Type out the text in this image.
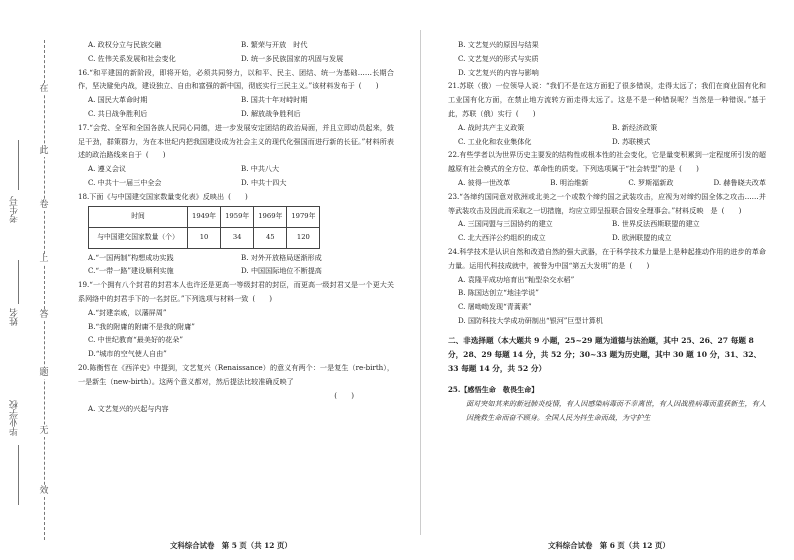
在
此
卷
上
答
题
无
效
考生号
姓名
毕业学校
A. 政权分立与民族交融	B. 繁荣与开放　时代
C. 佐伟关系发展和社会变化	D. 统一多民族国家的巩固与发展

16.“和平建国的新阶段，即将开始，必须共同努力，以和平、民主、团结、统一为基础……长期合作，坚决避免内战，建设独立、自由和富强的新中国，彻底实行三民主义。”该材料发布于 (　　)

A. 国民大革命时期	B. 国共十年对峙时期
C. 共日战争胜利后	D. 解放战争胜利后

17.“会党、全军和全国各族人民同心同德，进一步发展安定团结的政治局面，并且立即动员起来，鼓足干劲，群策群力，为在本世纪内把我国建设成为社会主义的现代化强国而进行新的长征。”材料所表述的政治路线来自于 (　　)

A. 遵义会议	B. 中共八大
C. 中共十一届三中全会	D. 中共十四大

18.下面《与中国建交国家数量变化表》反映出 (　　)

时间	1949年	1959年	1969年	1979年
与中国建交国家数量（个）	10	34	45	120
A.“一国两制”构想成功实践	B. 对外开放格局逐渐形成
C.“一带一路”建设顺利实施	D. 中国国际地位不断提高

19.“一个拥有八个封君的封君本人也许还是更高一等级封君的封臣，而更高一级封君又是一个更大关系网络中的封君手下的一名封臣。”下列选项与材料一致 (　　)

A.“封建亲戚，以藩屏周”

B.“我的附庸的附庸不是我的附庸”

C. 中世纪教育“最美好的花朵”

D.“城市的空气使人自由”

20.陈衡哲在《西洋史》中提到，文艺复兴（Renaissance）的意义有两个：一是复生（re-birth），一是新生（new-birth）。这两个意义都对，然后提法比较准确反映了

(　　)

A. 文艺复兴的兴起与内容

B. 文艺复兴的原因与结果

C. 文艺复兴的形式与实质

D. 文艺复兴的内容与影响

21.苏联（俄）一位领导人说：“我们不是在这方面犯了很多错误，走得太远了；我们在商业国有化和工业国有化方面，在禁止地方流转方面走得太远了。这是不是一种错误呢？当然是一种错误。”基于此，苏联（俄）实行 (　　)

A. 战时共产主义政策	B. 新经济政策
C. 工业化和农业集体化	D. 苏联模式

22.有些学者以为世界历史主要发的结构性或根本性的社会变化，它是量变积累到一定程度所引发的超越原有社会模式的全方位、革命性的质变。下列选项属于“社会转型”的是 (　　)

A. 彼得一世改革	B. 明治维新	C. 罗斯福新政	D. 赫鲁晓夫改革

23.“各缔约国同意对欧洲或北美之一个或数个缔约国之武装攻击，应视为对缔约国全体之攻击……并等武装攻击及因此而采取之一切措施，均应立即呈报联合国安全理事会。”材料反映　是 (　　)

A. 三国同盟与三国协约的建立	B. 世界反法西斯联盟的建立
C. 北大西洋公约组织的成立	D. 欧洲联盟的成立

24.科学技术是认识自然和改造自然的强大武器，在于科学技术力量是上是种起推动作用的进步的革命力量。运用代科技成就中，被誉为中国“第五大发明”的是 (　　)

A. 袁隆平成功培育出“籼型杂交水稻”

B. 陈国达创立“地洼学说”

C. 屠呦呦发现“青蒿素”

D. 国防科技大学成功研制出“银河”巨型计算机

二、非选择题（本大题共 9 小题，25~29 题为道德与法治题，其中 25、26、27 每题 8 分，28、29 每题 14 分，共 52 分；30~33 题为历史题，其中 30 题 10 分，31、32、33 每题 14 分，共 52 分）

25.【感悟生命　敬畏生命】

面对突如其来的新冠肺炎疫情，有人因感染病毒而不幸离世，有人因战胜病毒而重获新生，有人因挽救生命而奋不顾身。全国人民为抖生命而战，为守护生

文科综合试卷　第 5 页（共 12 页）	文科综合试卷　第 6 页（共 12 页）
